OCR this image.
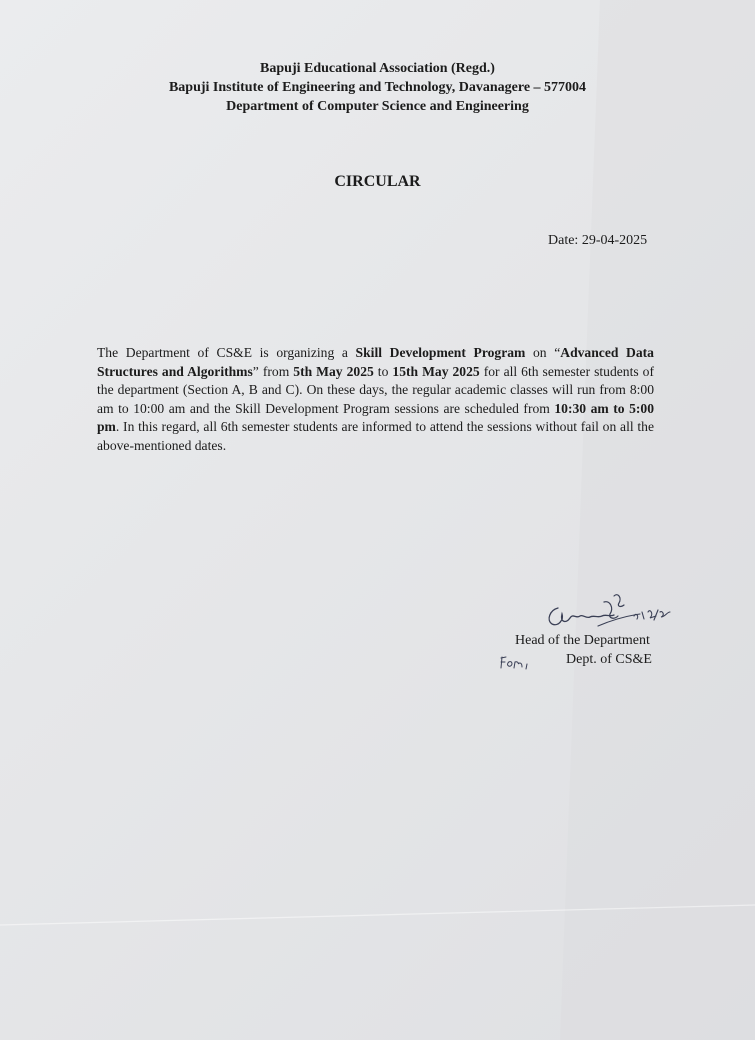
Bapuji Educational Association (Regd.)
Bapuji Institute of Engineering and Technology, Davanagere – 577004
Department of Computer Science and Engineering
CIRCULAR
Date: 29-04-2025
The Department of CS&E is organizing a Skill Development Program on “Advanced Data Structures and Algorithms” from 5th May 2025 to 15th May 2025 for all 6th semester students of the department (Section A, B and C). On these days, the regular academic classes will run from 8:00 am to 10:00 am and the Skill Development Program sessions are scheduled from 10:30 am to 5:00 pm. In this regard, all 6th semester students are informed to attend the sessions without fail on all the above-mentioned dates.
Head of the Department
Dept. of CS&E
